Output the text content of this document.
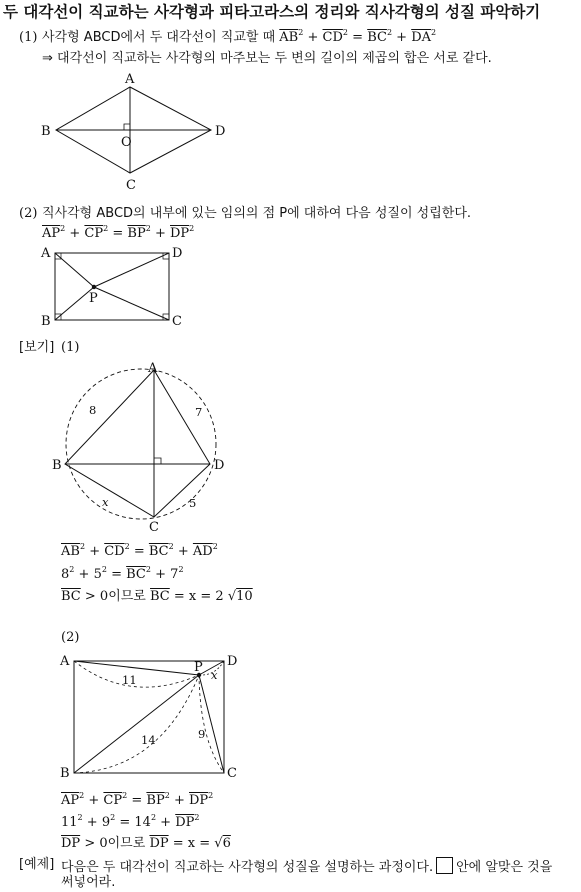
두 대각선이 직교하는 사각형과 피타고라스의 정리와 직사각형의 성질 파악하기
(1) 사각형 ABCD에서 두 대각선이 직교할 때 $\overline{AB}^2 + \overline{CD}^2 = \overline{BC}^2 + \overline{DA}^2$
⇒ 대각선이 직교하는 사각형의 마주보는 두 변의 길이의 제곱의 합은 서로 같다.
A
B
C
D
O
(2) 직사각형 ABCD의 내부에 있는 임의의 점 P에 대하여 다음 성질이 성립한다.
$\overline{AP}^2 + \overline{CP}^2 = \overline{BP}^2 + \overline{DP}^2$
A	D
B	C
P
[보기] (1)
A
B
C
D
8	7
x	5
$\overline{AB}^2 + \overline{CD}^2 = \overline{BC}^2 + \overline{AD}^2$
$8^2 + 5^2 = \overline{BC}^2 + 7^2$
$\overline{BC} > 0$이므로 $\overline{BC} = x = 2$ √10
(2)
A	D
B	C
P
11
14	9
x
$\overline{AP}^2 + \overline{CP}^2 = \overline{BP}^2 + \overline{DP}^2$
$11^2 + 9^2 = 14^2 + \overline{DP}^2$
$\overline{DP} > 0$이므로 $\overline{DP} = x = √6$
[예제] 다음은 두 대각선이 직교하는 사각형의 성질을 설명하는 과정이다. 안에 알맞은 것을
써넣어라.
